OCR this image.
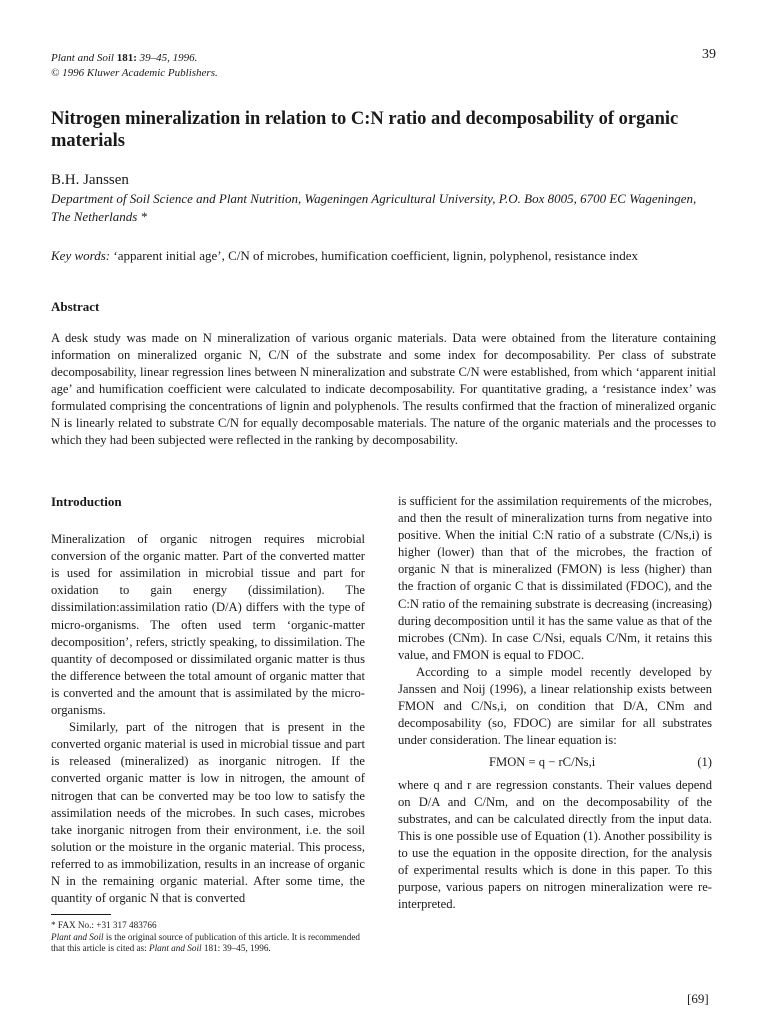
Plant and Soil 181: 39–45, 1996.
© 1996 Kluwer Academic Publishers.
39
Nitrogen mineralization in relation to C:N ratio and decomposability of organic materials
B.H. Janssen
Department of Soil Science and Plant Nutrition, Wageningen Agricultural University, P.O. Box 8005, 6700 EC Wageningen, The Netherlands *
Key words: ‘apparent initial age’, C/N of microbes, humification coefficient, lignin, polyphenol, resistance index
Abstract

A desk study was made on N mineralization of various organic materials. Data were obtained from the literature containing information on mineralized organic N, C/N of the substrate and some index for decomposability. Per class of substrate decomposability, linear regression lines between N mineralization and substrate C/N were established, from which ‘apparent initial age’ and humification coefficient were calculated to indicate decomposability. For quantitative grading, a ‘resistance index’ was formulated comprising the concentrations of lignin and polyphenols. The results confirmed that the fraction of mineralized organic N is linearly related to substrate C/N for equally decomposable materials. The nature of the organic materials and the processes to which they had been subjected were reflected in the ranking by decomposability.

Introduction

Mineralization of organic nitrogen requires microbial conversion of the organic matter. Part of the converted matter is used for assimilation in microbial tissue and part for oxidation to gain energy (dissimilation). The dissimilation:assimilation ratio (D/A) differs with the type of micro-organisms. The often used term ‘organic-matter decomposition’, refers, strictly speaking, to dissimilation. The quantity of decomposed or dissimilated organic matter is thus the difference between the total amount of organic matter that is converted and the amount that is assimilated by the micro-organisms.

Similarly, part of the nitrogen that is present in the converted organic material is used in microbial tissue and part is released (mineralized) as inorganic nitrogen. If the converted organic matter is low in nitrogen, the amount of nitrogen that can be converted may be too low to satisfy the assimilation needs of the microbes. In such cases, microbes take inorganic nitrogen from their environment, i.e. the soil solution or the moisture in the organic material. This process, referred to as immobilization, results in an increase of organic N in the remaining organic material. After some time, the quantity of organic N that is converted

is sufficient for the assimilation requirements of the microbes, and then the result of mineralization turns from negative into positive. When the initial C:N ratio of a substrate (C/Ns,i) is higher (lower) than that of the microbes, the fraction of organic N that is mineralized (FMON) is less (higher) than the fraction of organic C that is dissimilated (FDOC), and the C:N ratio of the remaining substrate is decreasing (increasing) during decomposition until it has the same value as that of the microbes (CNm). In case C/Nsi, equals C/Nm, it retains this value, and FMON is equal to FDOC.

According to a simple model recently developed by Janssen and Noij (1996), a linear relationship exists between FMON and C/Ns,i, on condition that D/A, CNm and decomposability (so, FDOC) are similar for all substrates under consideration. The linear equation is:

FMON = q − rC/Ns,i	(1)

where q and r are regression constants. Their values depend on D/A and C/Nm, and on the decomposability of the substrates, and can be calculated directly from the input data. This is one possible use of Equation (1). Another possibility is to use the equation in the opposite direction, for the analysis of experimental results which is done in this paper. To this purpose, various papers on nitrogen mineralization were re-interpreted.

* FAX No.: +31 317 483766
Plant and Soil is the original source of publication of this article. It is recommended that this article is cited as: Plant and Soil 181: 39–45, 1996.
[69]
